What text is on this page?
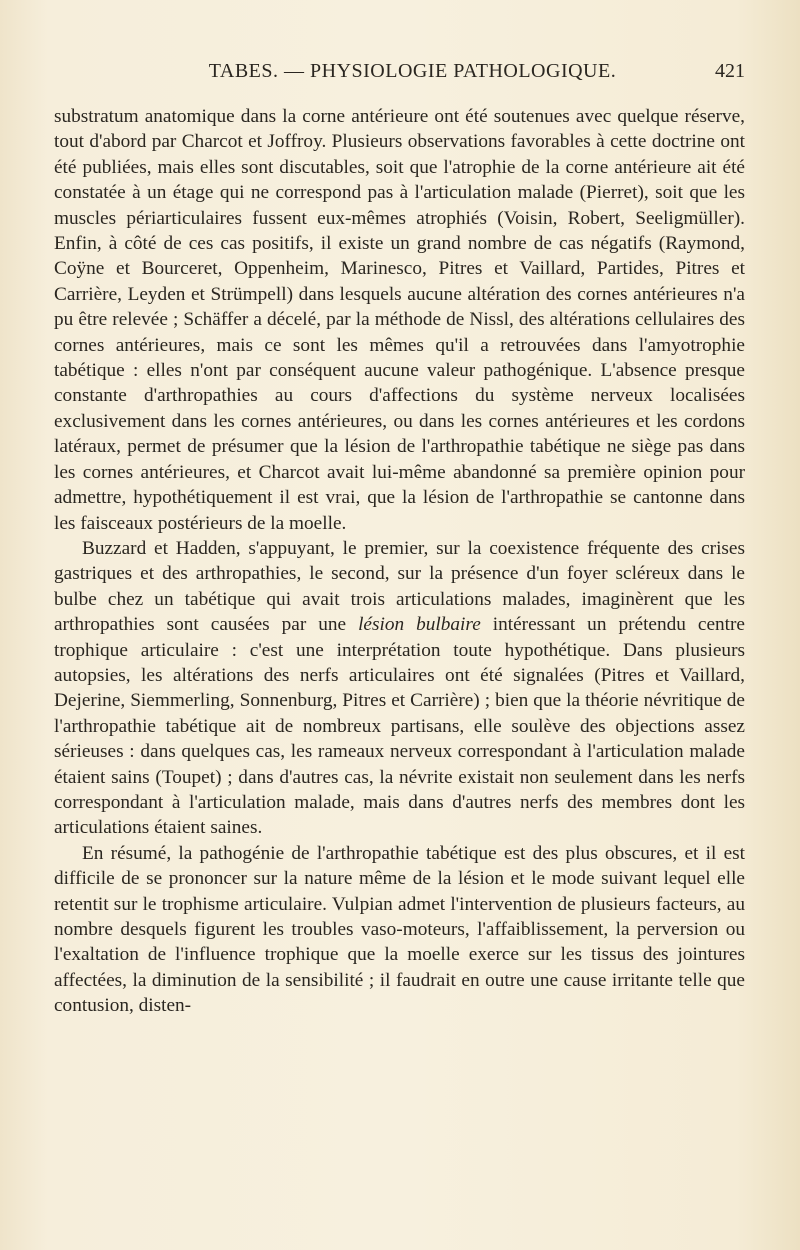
TABES. — PHYSIOLOGIE PATHOLOGIQUE.	421

substratum anatomique dans la corne antérieure ont été soutenues avec quelque réserve, tout d'abord par Charcot et Joffroy. Plusieurs observations favorables à cette doctrine ont été publiées, mais elles sont discutables, soit que l'atrophie de la corne antérieure ait été constatée à un étage qui ne correspond pas à l'articulation malade (Pierret), soit que les muscles périarticulaires fussent eux-mêmes atrophiés (Voisin, Robert, Seeligmüller). Enfin, à côté de ces cas positifs, il existe un grand nombre de cas négatifs (Raymond, Coÿne et Bourceret, Oppenheim, Marinesco, Pitres et Vaillard, Partides, Pitres et Carrière, Leyden et Strümpell) dans lesquels aucune altération des cornes antérieures n'a pu être relevée ; Schäffer a décelé, par la méthode de Nissl, des altérations cellulaires des cornes antérieures, mais ce sont les mêmes qu'il a retrouvées dans l'amyotrophie tabétique : elles n'ont par conséquent aucune valeur pathogénique. L'absence presque constante d'arthropathies au cours d'affections du système nerveux localisées exclusivement dans les cornes antérieures, ou dans les cornes antérieures et les cordons latéraux, permet de présumer que la lésion de l'arthropathie tabétique ne siège pas dans les cornes antérieures, et Charcot avait lui-même abandonné sa première opinion pour admettre, hypothétiquement il est vrai, que la lésion de l'arthropathie se cantonne dans les faisceaux postérieurs de la moelle.

Buzzard et Hadden, s'appuyant, le premier, sur la coexistence fréquente des crises gastriques et des arthropathies, le second, sur la présence d'un foyer scléreux dans le bulbe chez un tabétique qui avait trois articulations malades, imaginèrent que les arthropathies sont causées par une lésion bulbaire intéressant un prétendu centre trophique articulaire : c'est une interprétation toute hypothétique. Dans plusieurs autopsies, les altérations des nerfs articulaires ont été signalées (Pitres et Vaillard, Dejerine, Siemmerling, Sonnenburg, Pitres et Carrière) ; bien que la théorie névritique de l'arthropathie tabétique ait de nombreux partisans, elle soulève des objections assez sérieuses : dans quelques cas, les rameaux nerveux correspondant à l'articulation malade étaient sains (Toupet) ; dans d'autres cas, la névrite existait non seulement dans les nerfs correspondant à l'articulation malade, mais dans d'autres nerfs des membres dont les articulations étaient saines.

En résumé, la pathogénie de l'arthropathie tabétique est des plus obscures, et il est difficile de se prononcer sur la nature même de la lésion et le mode suivant lequel elle retentit sur le trophisme articulaire. Vulpian admet l'intervention de plusieurs facteurs, au nombre desquels figurent les troubles vaso-moteurs, l'affaiblissement, la perversion ou l'exaltation de l'influence trophique que la moelle exerce sur les tissus des jointures affectées, la diminution de la sensibilité ; il faudrait en outre une cause irritante telle que contusion, disten-
